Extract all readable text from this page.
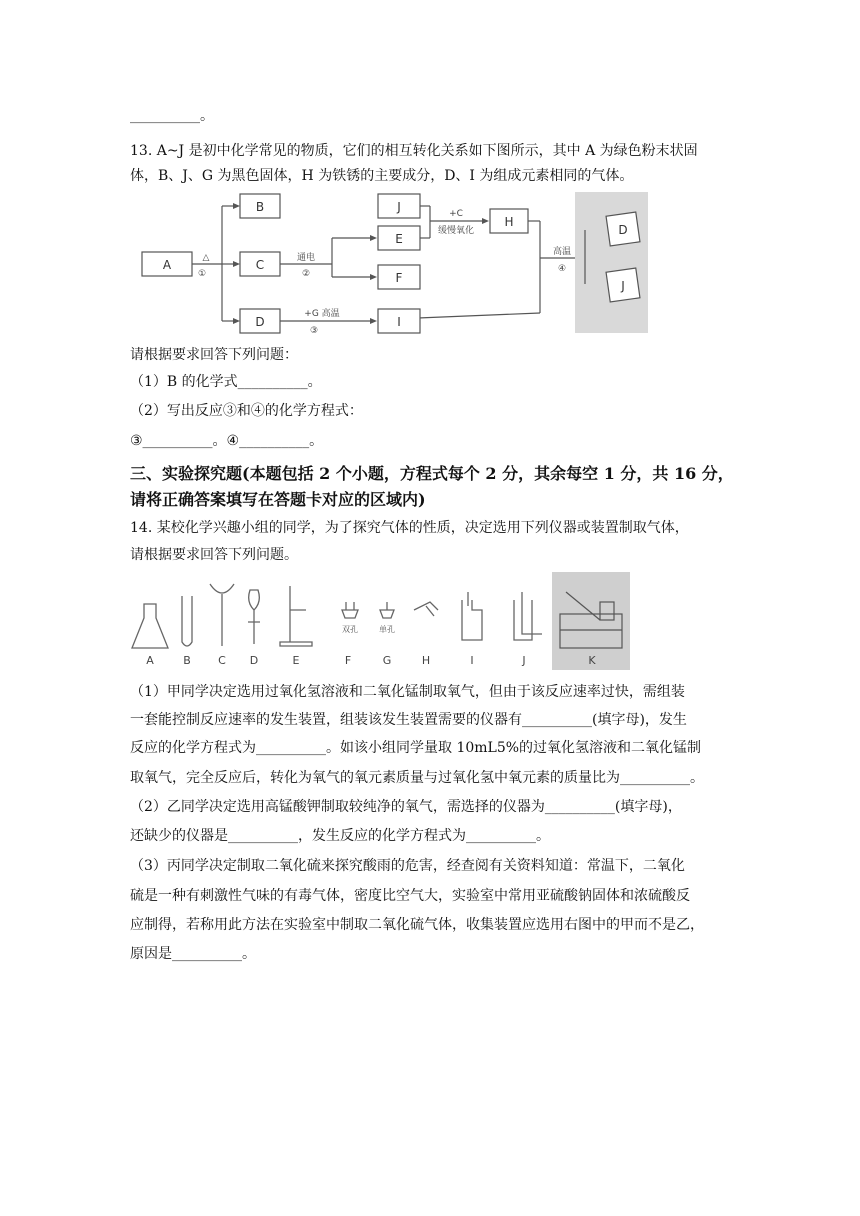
__________。
13. A~J 是初中化学常见的物质，它们的相互转化关系如下图所示，其中 A 为绿色粉末状固
体，B、J、G 为黑色固体，H 为铁锈的主要成分，D、I 为组成元素相同的气体。
A
B
C
D
E
F
I
J
H
D
J
△
①
通电
②
+G 高温
③
+C
缓慢氧化
高温
④
请根据要求回答下列问题：
（1）B 的化学式__________。
（2）写出反应③和④的化学方程式：
③__________。④__________。
三、实验探究题(本题包括 2 个小题，方程式每个 2 分，其余每空 1 分，共 16 分，
请将正确答案填写在答题卡对应的区域内)
14. 某校化学兴趣小组的同学，为了探究气体的性质，决定选用下列仪器或装置制取气体，
请根据要求回答下列问题。
A	B C D	E	F	G	H	I	J	K
双孔	单孔
（1）甲同学决定选用过氧化氢溶液和二氧化锰制取氧气，但由于该反应速率过快，需组装
一套能控制反应速率的发生装置，组装该发生装置需要的仪器有__________(填字母)，发生
反应的化学方程式为__________。如该小组同学量取 10mL5%的过氧化氢溶液和二氧化锰制
取氧气，完全反应后，转化为氧气的氧元素质量与过氧化氢中氧元素的质量比为__________。
（2）乙同学决定选用高锰酸钾制取较纯净的氧气，需选择的仪器为__________(填字母)，
还缺少的仪器是__________，发生反应的化学方程式为__________。
（3）丙同学决定制取二氧化硫来探究酸雨的危害，经查阅有关资料知道：常温下，二氧化
硫是一种有刺激性气味的有毒气体，密度比空气大，实验室中常用亚硫酸钠固体和浓硫酸反
应制得，若称用此方法在实验室中制取二氧化硫气体，收集装置应选用右图中的甲而不是乙，
原因是__________。
